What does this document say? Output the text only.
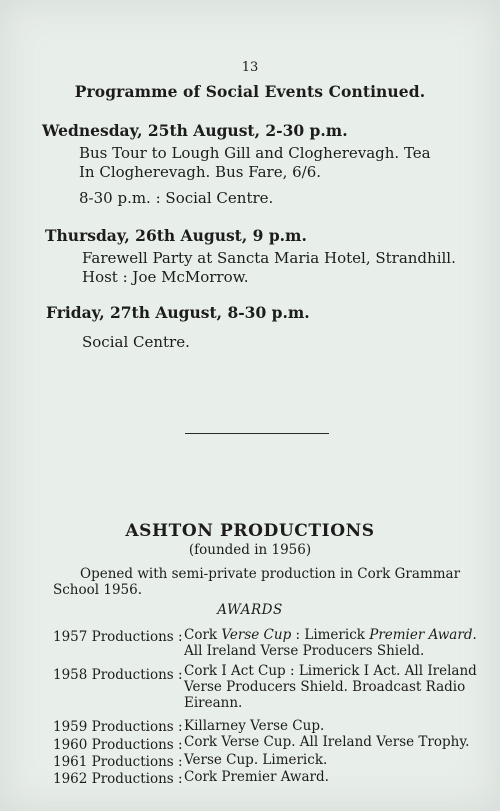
13
Programme of Social Events Continued.
Wednesday, 25th August, 2-30 p.m.
Bus Tour to Lough Gill and Clogherevagh. Tea
In Clogherevagh. Bus Fare, 6/6.
8-30 p.m. : Social Centre.
Thursday, 26th August, 9 p.m.
Farewell Party at Sancta Maria Hotel, Strandhill.
Host : Joe McMorrow.
Friday, 27th August, 8-30 p.m.
Social Centre.
ASHTON PRODUCTIONS
(founded in 1956)
Opened with semi-private production in Cork Grammar
School 1956.
AWARDS
1957 Productions : Cork Verse Cup : Limerick Premier Award.
All Ireland Verse Producers Shield.
1958 Productions : Cork I Act Cup : Limerick I Act. All Ireland
Verse Producers Shield. Broadcast Radio
Eireann.
1959 Productions : Killarney Verse Cup.
1960 Productions : Cork Verse Cup. All Ireland Verse Trophy.
1961 Productions : Verse Cup. Limerick.
1962 Productions : Cork Premier Award.
